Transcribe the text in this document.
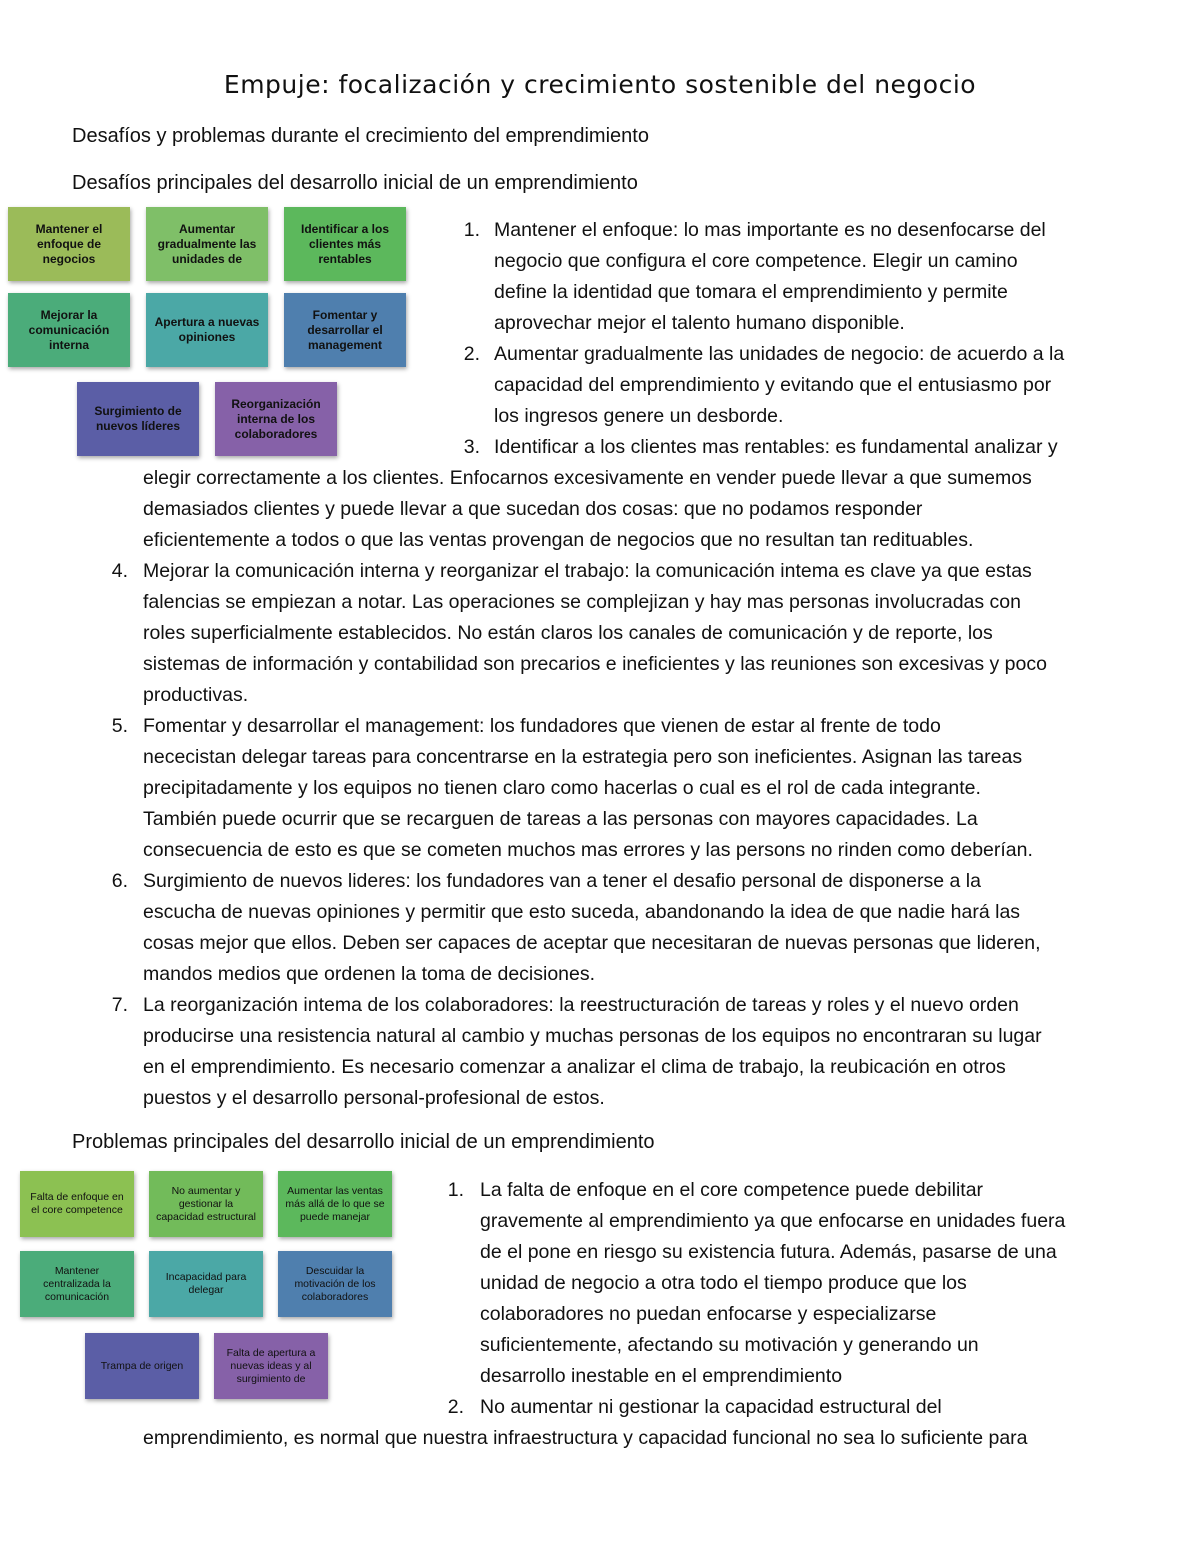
Empuje: focalización y crecimiento sostenible del negocio
Desafíos y problemas durante el crecimiento del emprendimiento
Desafíos principales del desarrollo inicial de un emprendimiento
Mantener el enfoque de negocios
Aumentar gradualmente las unidades de
Identificar a los clientes más rentables
Mejorar la comunicación interna
Apertura a nuevas opiniones
Fomentar y desarrollar el management
Surgimiento de nuevos líderes
Reorganización interna de los colaboradores
1. Mantener el enfoque: lo mas importante es no desenfocarse del
negocio que configura el core competence. Elegir un camino
define la identidad que tomara el emprendimiento y permite
aprovechar mejor el talento humano disponible.
2. Aumentar gradualmente las unidades de negocio: de acuerdo a la
capacidad del emprendimiento y evitando que el entusiasmo por
los ingresos genere un desborde.
3. Identificar a los clientes mas rentables: es fundamental analizar y
elegir correctamente a los clientes. Enfocarnos excesivamente en vender puede llevar a que sumemos
demasiados clientes y puede llevar a que sucedan dos cosas: que no podamos responder
eficientemente a todos o que las ventas provengan de negocios que no resultan tan redituables.
4. Mejorar la comunicación interna y reorganizar el trabajo: la comunicación intema es clave ya que estas
falencias se empiezan a notar. Las operaciones se complejizan y hay mas personas involucradas con
roles superficialmente establecidos. No están claros los canales de comunicación y de reporte, los
sistemas de información y contabilidad son precarios e ineficientes y las reuniones son excesivas y poco
productivas.
5. Fomentar y desarrollar el management: los fundadores que vienen de estar al frente de todo
nececistan delegar tareas para concentrarse en la estrategia pero son ineficientes. Asignan las tareas
precipitadamente y los equipos no tienen claro como hacerlas o cual es el rol de cada integrante.
También puede ocurrir que se recarguen de tareas a las personas con mayores capacidades. La
consecuencia de esto es que se cometen muchos mas errores y las persons no rinden como deberían.
6. Surgimiento de nuevos lideres: los fundadores van a tener el desafio personal de disponerse a la
escucha de nuevas opiniones y permitir que esto suceda, abandonando la idea de que nadie hará las
cosas mejor que ellos. Deben ser capaces de aceptar que necesitaran de nuevas personas que lideren,
mandos medios que ordenen la toma de decisiones.
7. La reorganización intema de los colaboradores: la reestructuración de tareas y roles y el nuevo orden
producirse una resistencia natural al cambio y muchas personas de los equipos no encontraran su lugar
en el emprendimiento. Es necesario comenzar a analizar el clima de trabajo, la reubicación en otros
puestos y el desarrollo personal-profesional de estos.
Problemas principales del desarrollo inicial de un emprendimiento
Falta de enfoque en el core competence
No aumentar y gestionar la capacidad estructural
Aumentar las ventas más allá de lo que se puede manejar
Mantener centralizada la comunicación
Incapacidad para delegar
Descuidar la motivación de los colaboradores
Trampa de origen
Falta de apertura a nuevas ideas y al surgimiento de
1. La falta de enfoque en el core competence puede debilitar
gravemente al emprendimiento ya que enfocarse en unidades fuera
de el pone en riesgo su existencia futura. Además, pasarse de una
unidad de negocio a otra todo el tiempo produce que los
colaboradores no puedan enfocarse y especializarse
suficientemente, afectando su motivación y generando un
desarrollo inestable en el emprendimiento
2. No aumentar ni gestionar la capacidad estructural del
emprendimiento, es normal que nuestra infraestructura y capacidad funcional no sea lo suficiente para
